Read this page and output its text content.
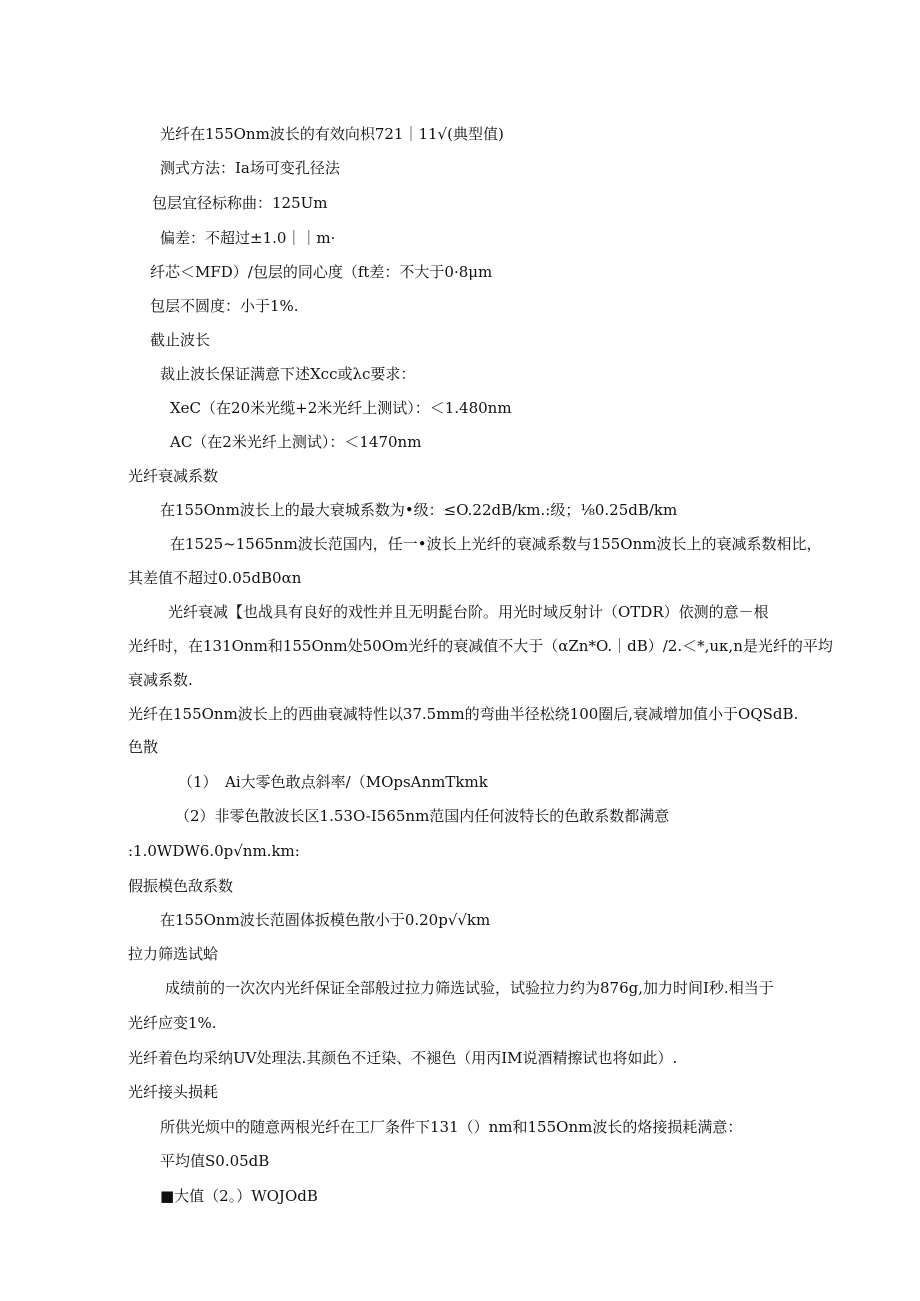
光纤在155Onm波长的有效向枳721｜11√(典型值)
测式方法：Ia场可变孔径法
包层宜径标称曲：125Um
偏差：不超过±1.0｜｜m·
纤芯＜MFD）/包层的同心度（ft差：不大于0·8μm
包层不圆度：小于1%.
截止波长
裁止波长保证满意下述Xcc或λc要求：
XeC（在20米光缆+2米光纤上测试）：＜1.480nm
AC（在2米光纤上测试）：＜1470nm
光纤衰减系数
在155Onm波长上的最大衰城系数为•级：≤O.22dB/km.:级；⅛0.25dB/km
在1525~1565nm波长范国内，任一•波长上光纤的衰减系数与155Onm波长上的衰减系数相比，
其差值不超过0.05dB0αn
光纤衰减【也战具有良好的戏性并且无明髭台阶。用光时域反射计（OTDR）依测的意－根
光纤时，在131Onm和155Onm处50Om光纤的衰减值不大于（αZn*O.｜dB）/2.＜*,uκ,n是光纤的平均
衰减系数.
光纤在155Onm波长上的西曲衰减特性以37.5mm的弯曲半径松绕100圈后,衰减增加值小于OQSdB.
色散
（1）　Ai大零色敢点斜率/（MOpsAnmTkmk
（2）非零色散波长区1.53O-I565nm范国内任何波特长的色敢系数都满意
:1.0WDW6.0p√nm.km:
假振模色敌系数
在155Onm波长范圄体扳模色散小于0.20p√√km
拉力筛选试蛤
成绩前的一次次内光纤保证全部般过拉力筛选试验，试验拉力约为876g,加力时间I秒.相当于
光纤应变1%.
光纤着色均采纳UV处理法.其颜色不迁染、不褪色（用丙IM说酒精擦试也将如此）.
光纤接头损耗
所供光烦中的随意两根光纤在工厂条件下131（）nm和155Onm波长的烙接损耗满意：
平均值S0.05dB
■大值（2。）WOJOdB
